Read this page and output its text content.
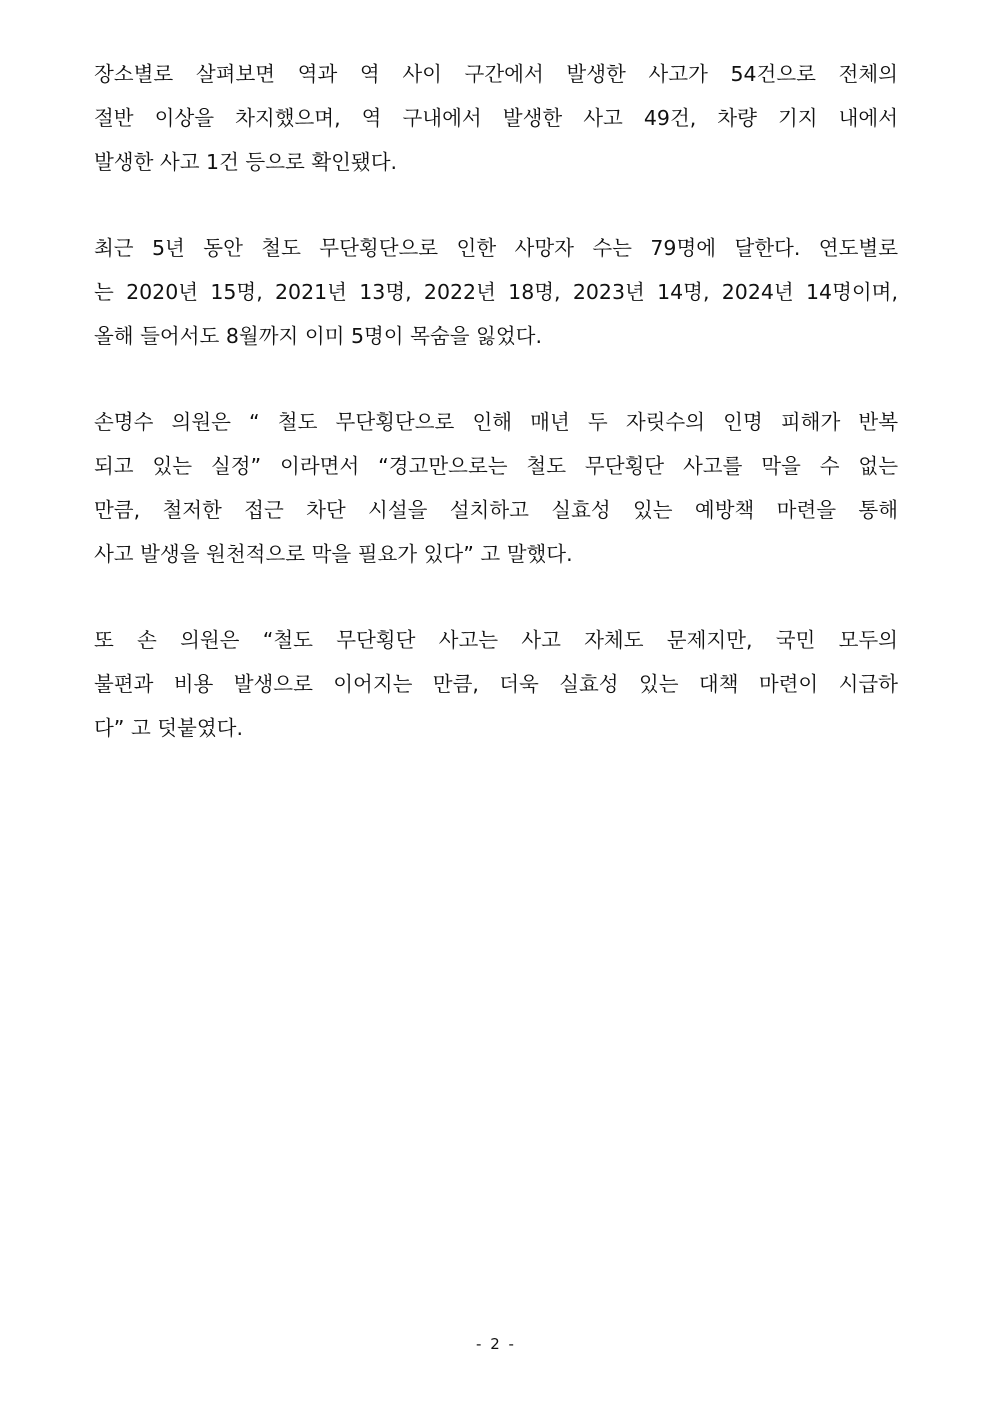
장소별로 살펴보면 역과 역 사이 구간에서 발생한 사고가 54건으로 전체의
절반 이상을 차지했으며, 역 구내에서 발생한 사고 49건, 차량 기지 내에서
발생한 사고 1건 등으로 확인됐다.

최근 5년 동안 철도 무단횡단으로 인한 사망자 수는 79명에 달한다. 연도별로
는 2020년 15명, 2021년 13명, 2022년 18명, 2023년 14명, 2024년 14명이며,
올해 들어서도 8월까지 이미 5명이 목숨을 잃었다.

손명수 의원은 “ 철도 무단횡단으로 인해 매년 두 자릿수의 인명 피해가 반복
되고 있는 실정” 이라면서 “경고만으로는 철도 무단횡단 사고를 막을 수 없는
만큼, 철저한 접근 차단 시설을 설치하고 실효성 있는 예방책 마련을 통해
사고 발생을 원천적으로 막을 필요가 있다” 고 말했다.

또 손 의원은 “철도 무단횡단 사고는 사고 자체도 문제지만, 국민 모두의
불편과 비용 발생으로 이어지는 만큼, 더욱 실효성 있는 대책 마련이 시급하
다” 고 덧붙였다.

- 2 -
